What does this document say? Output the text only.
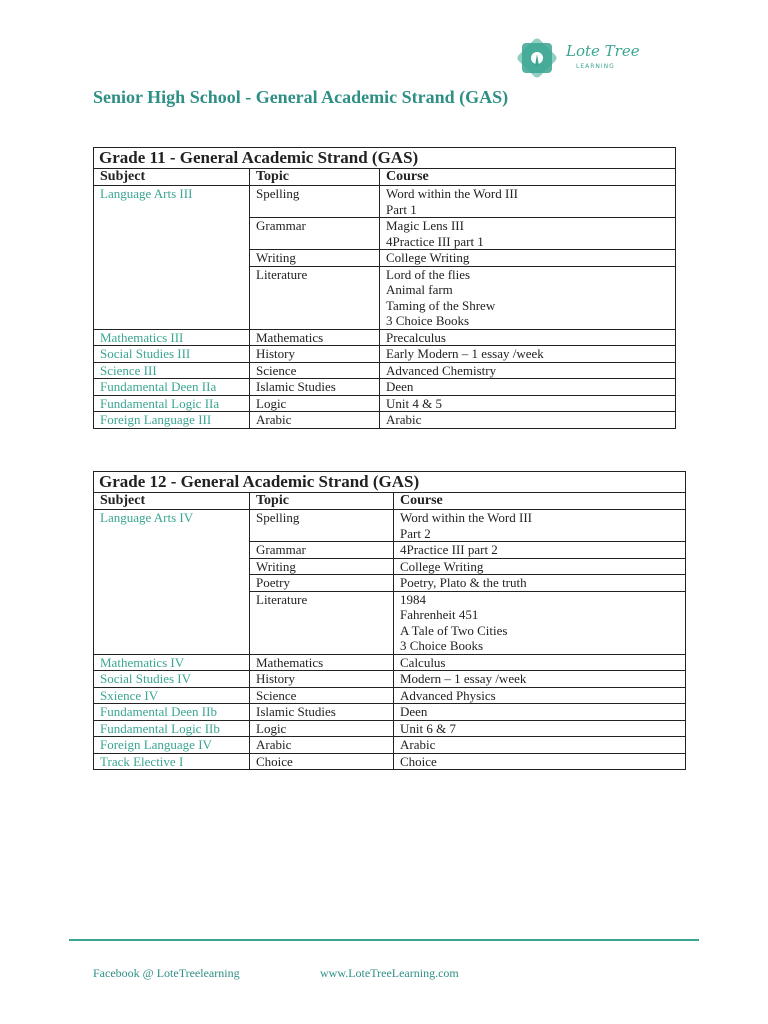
Lote Tree
LEARNING
Senior High School - General Academic Strand (GAS)
Grade 11 - General Academic Strand (GAS)		
Subject	Topic	Course
Language Arts III	Spelling	Word within the Word III
Part 1

	Grammar	Magic Lens III
4Practice III part 1

	Writing	College Writing

	Literature	Lord of the flies
Animal farm
Taming of the Shrew
3 Choice Books

Mathematics III	Mathematics	Precalculus
Social Studies III	History	Early Modern – 1 essay /week
Science III	Science	Advanced Chemistry
Fundamental Deen IIa	Islamic Studies	Deen
Fundamental Logic IIa	Logic	Unit 4 & 5
Foreign Language III	Arabic	Arabic
Grade 12 - General Academic Strand (GAS)		
Subject	Topic	Course
Language Arts IV	Spelling	Word within the Word III
Part 2

	Grammar	4Practice III part 2
	Writing	College Writing
	Poetry	Poetry, Plato & the truth
	Literature	1984
Fahrenheit 451
A Tale of Two Cities
3 Choice Books

Mathematics IV	Mathematics	Calculus
Social Studies IV	History	Modern – 1 essay /week
Sxience IV	Science	Advanced Physics
Fundamental Deen IIb	Islamic Studies	Deen
Fundamental Logic IIb	Logic	Unit 6 & 7
Foreign Language IV	Arabic	Arabic
Track Elective I	Choice	Choice
Facebook @ LoteTreelearning	www.LoteTreeLearning.com
